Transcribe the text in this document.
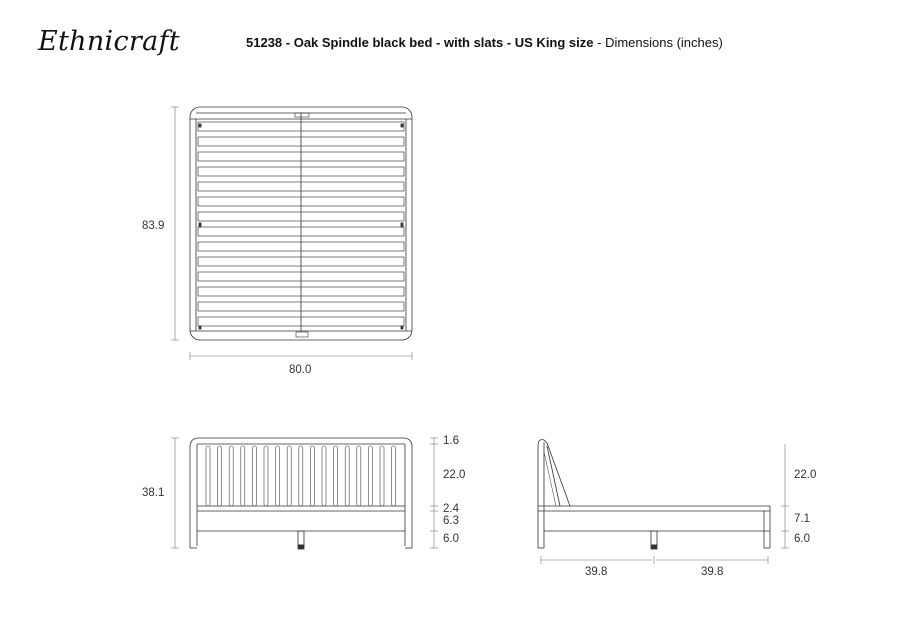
Ethnicraft	51238 - Oak Spindle black bed - with slats - US King size - Dimensions (inches)
83.9
80.0
38.1
1.6
22.0
2.4
6.3
6.0
22.0
7.1
6.0
39.8	39.8
